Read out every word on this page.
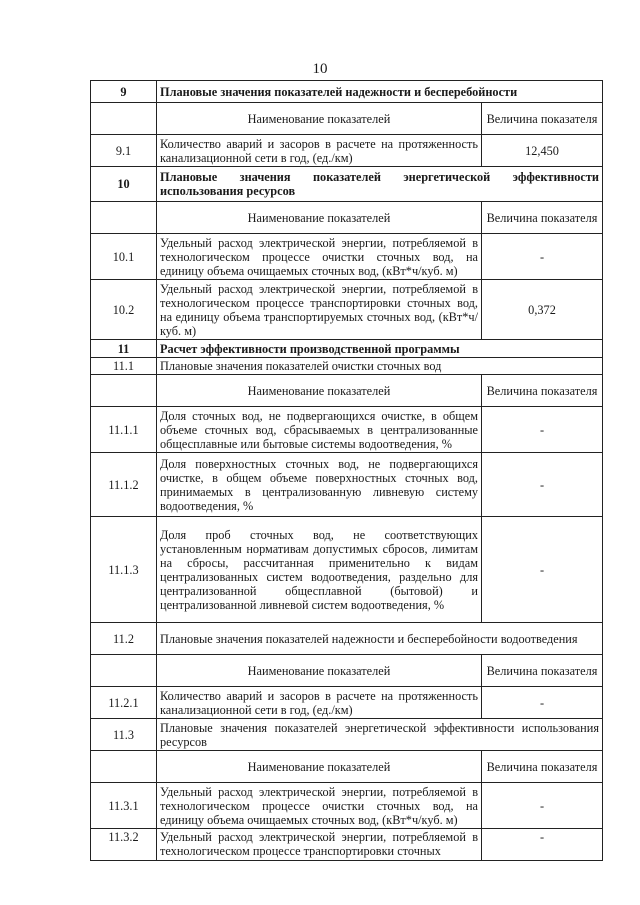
10
9	Плановые значения показателей надежности и бесперебойности	
	Наименование показателей	Величина показателя
9.1	Количество аварий и засоров в расчете на протяженность канализационной сети в год, (ед./км)	12,450
10	Плановые значения показателей энергетической эффективности использования ресурсов	
	Наименование показателей	Величина показателя
10.1	Удельный расход электрической энергии, потребляемой в технологическом процессе очистки сточных вод, на единицу объема очищаемых сточных вод, (кВт*ч/куб. м)	-
10.2	Удельный расход электрической энергии, потребляемой в технологическом процессе транспортировки сточных вод, на единицу объема транспортируемых сточных вод, (кВт*ч/куб. м)	0,372
11	Расчет эффективности производственной программы	
11.1	Плановые значения показателей очистки сточных вод	
	Наименование показателей	Величина показателя
11.1.1	Доля сточных вод, не подвергающихся очистке, в общем объеме сточных вод, сбрасываемых в централизованные общесплавные или бытовые системы водоотведения, %	-
11.1.2	Доля поверхностных сточных вод, не подвергающихся очистке, в общем объеме поверхностных сточных вод, принимаемых в централизованную ливневую систему водоотведения, %	-
11.1.3	Доля проб сточных вод, не соответствующих установленным нормативам допустимых сбросов, лимитам на сбросы, рассчитанная применительно к видам централизованных систем водоотведения, раздельно для централизованной общесплавной (бытовой) и централизованной ливневой систем водоотведения, %	-
11.2	Плановые значения показателей надежности и бесперебойности водоотведения	
	Наименование показателей	Величина показателя
11.2.1	Количество аварий и засоров в расчете на протяженность канализационной сети в год, (ед./км)	-
11.3	Плановые значения показателей энергетической эффективности использования ресурсов	
	Наименование показателей	Величина показателя
11.3.1	Удельный расход электрической энергии, потребляемой в технологическом процессе очистки сточных вод, на единицу объема очищаемых сточных вод, (кВт*ч/куб. м)	-
11.3.2	Удельный расход электрической энергии, потребляемой в технологическом процессе транспортировки сточных	-
